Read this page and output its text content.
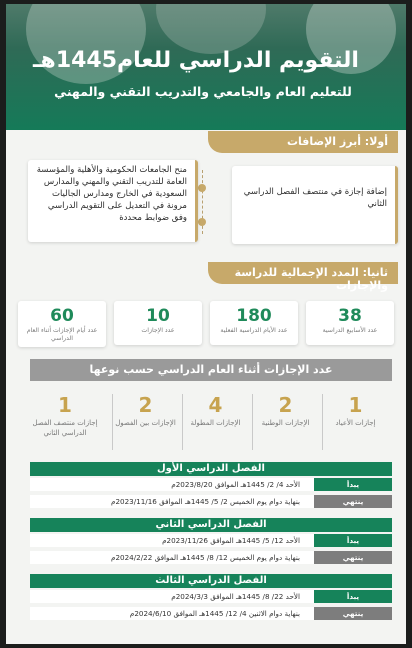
التقويم الدراسي للعام1445هـ
للتعليم العام والجامعي والتدريب التقني والمهني
أولا: أبرز الإضافات
إضافة إجازة في منتصف الفصل الدراسي الثاني
منح الجامعات الحكومية والأهلية والمؤسسة العامة للتدريب التقني والمهني والمدارس السعودية في الخارج ومدارس الجاليات مرونة في التعديل على التقويم الدراسي وفق ضوابط محددة
ثانيا: المدد الإجمالية للدراسة والإجازات
38
عدد الأسابيع الدراسية
180
عدد الأيام الدراسية الفعلية
10
عدد الإجازات
60
عدد أيام الإجازات أثناء العام الدراسي
عدد الإجازات أثناء العام الدراسي حسب نوعها
1
إجازات الأعياد
2
الإجازات الوطنية
4
الإجازات المطولة
2
الإجازات بين الفصول
1
إجازات منتصف الفصل الدراسي الثاني
الفصل الدراسي الأول
يبدأ
الأحد 4/ 2/ 1445هـ الموافق 2023/8/20م
ينتهي
بنهاية دوام يوم الخميس 2/ 5/ 1445هـ الموافق 2023/11/16م
الفصل الدراسي الثاني
يبدأ
الأحد 12/ 5/ 1445هـ الموافق 2023/11/26م
ينتهي
بنهاية دوام يوم الخميس 12/ 8/ 1445هـ الموافق 2024/2/22م
الفصل الدراسي الثالث
يبدأ
الأحد 22/ 8/ 1445هـ الموافق 2024/3/3م
ينتهي
بنهاية دوام الاثنين 4/ 12/ 1445هـ الموافق 2024/6/10م
